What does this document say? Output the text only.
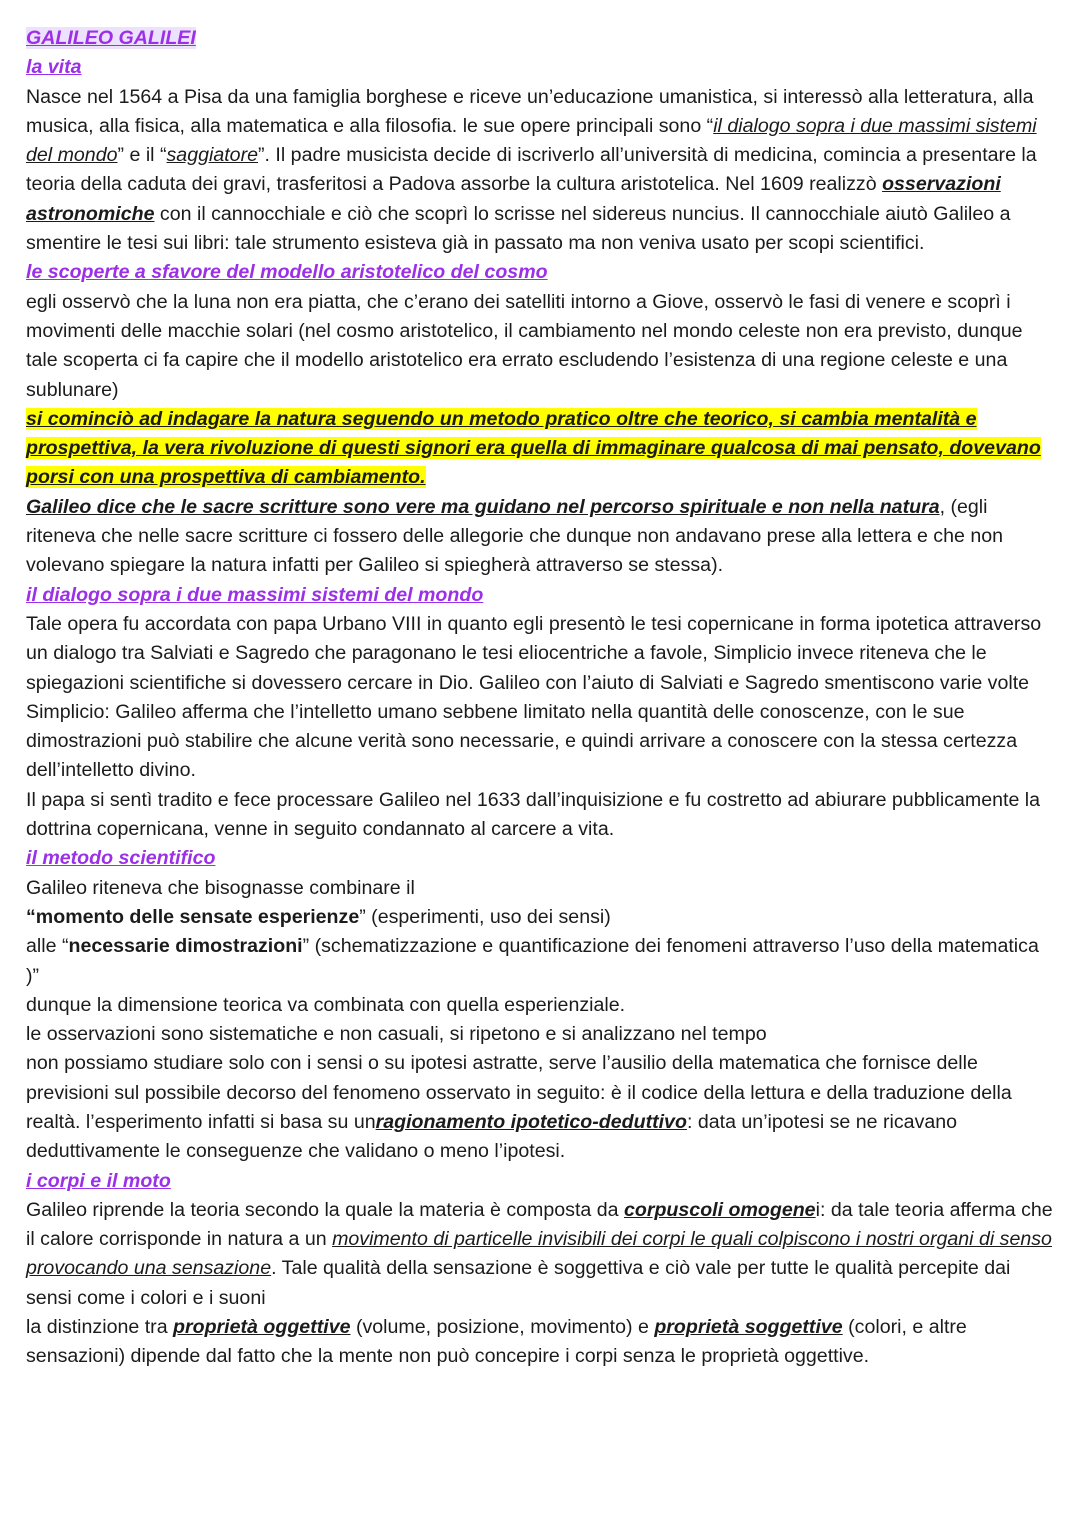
GALILEO GALILEI
la vita
Nasce nel 1564 a Pisa da una famiglia borghese e riceve un’educazione umanistica, si interessò alla letteratura, alla musica, alla fisica, alla matematica e alla filosofia. le sue opere principali sono “il dialogo sopra i due massimi sistemi del mondo” e il “saggiatore”. Il padre musicista decide di iscriverlo all’università di medicina, comincia a presentare la teoria della caduta dei gravi, trasferitosi a Padova assorbe la cultura aristotelica. Nel 1609 realizzò osservazioni astronomiche con il cannocchiale e ciò che scoprì lo scrisse nel sidereus nuncius. Il cannocchiale aiutò Galileo a smentire le tesi sui libri: tale strumento esisteva già in passato ma non veniva usato per scopi scientifici.
le scoperte a sfavore del modello aristotelico del cosmo
egli osservò che la luna non era piatta, che c’erano dei satelliti intorno a Giove, osservò le fasi di venere e scoprì i movimenti delle macchie solari (nel cosmo aristotelico, il cambiamento nel mondo celeste non era previsto, dunque tale scoperta ci fa capire che il modello aristotelico era errato escludendo l’esistenza di una regione celeste e una sublunare)
si cominciò ad indagare la natura seguendo un metodo pratico oltre che teorico, si cambia mentalità e prospettiva, la vera rivoluzione di questi signori era quella di immaginare qualcosa di mai pensato, dovevano porsi con una prospettiva di cambiamento.
Galileo dice che le sacre scritture sono vere ma guidano nel percorso spirituale e non nella natura, (egli riteneva che nelle sacre scritture ci fossero delle allegorie che dunque non andavano prese alla lettera e che non volevano spiegare la natura infatti per Galileo si spiegherà attraverso se stessa).
il dialogo sopra i due massimi sistemi del mondo
Tale opera fu accordata con papa Urbano VIII in quanto egli presentò le tesi copernicane in forma ipotetica attraverso un dialogo tra Salviati e Sagredo che paragonano le tesi eliocentriche a favole, Simplicio invece riteneva che le spiegazioni scientifiche si dovessero cercare in Dio. Galileo con l’aiuto di Salviati e Sagredo smentiscono varie volte Simplicio: Galileo afferma che l’intelletto umano sebbene limitato nella quantità delle conoscenze, con le sue dimostrazioni può stabilire che alcune verità sono necessarie, e quindi arrivare a conoscere con la stessa certezza dell’intelletto divino.
Il papa si sentì tradito e fece processare Galileo nel 1633 dall’inquisizione e fu costretto ad abiurare pubblicamente la dottrina copernicana, venne in seguito condannato al carcere a vita.
il metodo scientifico
Galileo riteneva che bisognasse combinare il
“momento delle sensate esperienze” (esperimenti, uso dei sensi)
alle “necessarie dimostrazioni” (schematizzazione e quantificazione dei fenomeni attraverso l’uso della matematica )”
dunque la dimensione teorica va combinata con quella esperienziale.
le osservazioni sono sistematiche e non casuali, si ripetono e si analizzano nel tempo
non possiamo studiare solo con i sensi o su ipotesi astratte, serve l’ausilio della matematica che fornisce delle previsioni sul possibile decorso del fenomeno osservato in seguito: è il codice della lettura e della traduzione della realtà. l’esperimento infatti si basa su unragionamento ipotetico-deduttivo: data un’ipotesi se ne ricavano deduttivamente le conseguenze che validano o meno l’ipotesi.
i corpi e il moto
Galileo riprende la teoria secondo la quale la materia è composta da corpuscoli omogenei: da tale teoria afferma che il calore corrisponde in natura a un movimento di particelle invisibili dei corpi le quali colpiscono i nostri organi di senso provocando una sensazione. Tale qualità della sensazione è soggettiva e ciò vale per tutte le qualità percepite dai sensi come i colori e i suoni
la distinzione tra proprietà oggettive (volume, posizione, movimento) e proprietà soggettive (colori, e altre sensazioni) dipende dal fatto che la mente non può concepire i corpi senza le proprietà oggettive.
